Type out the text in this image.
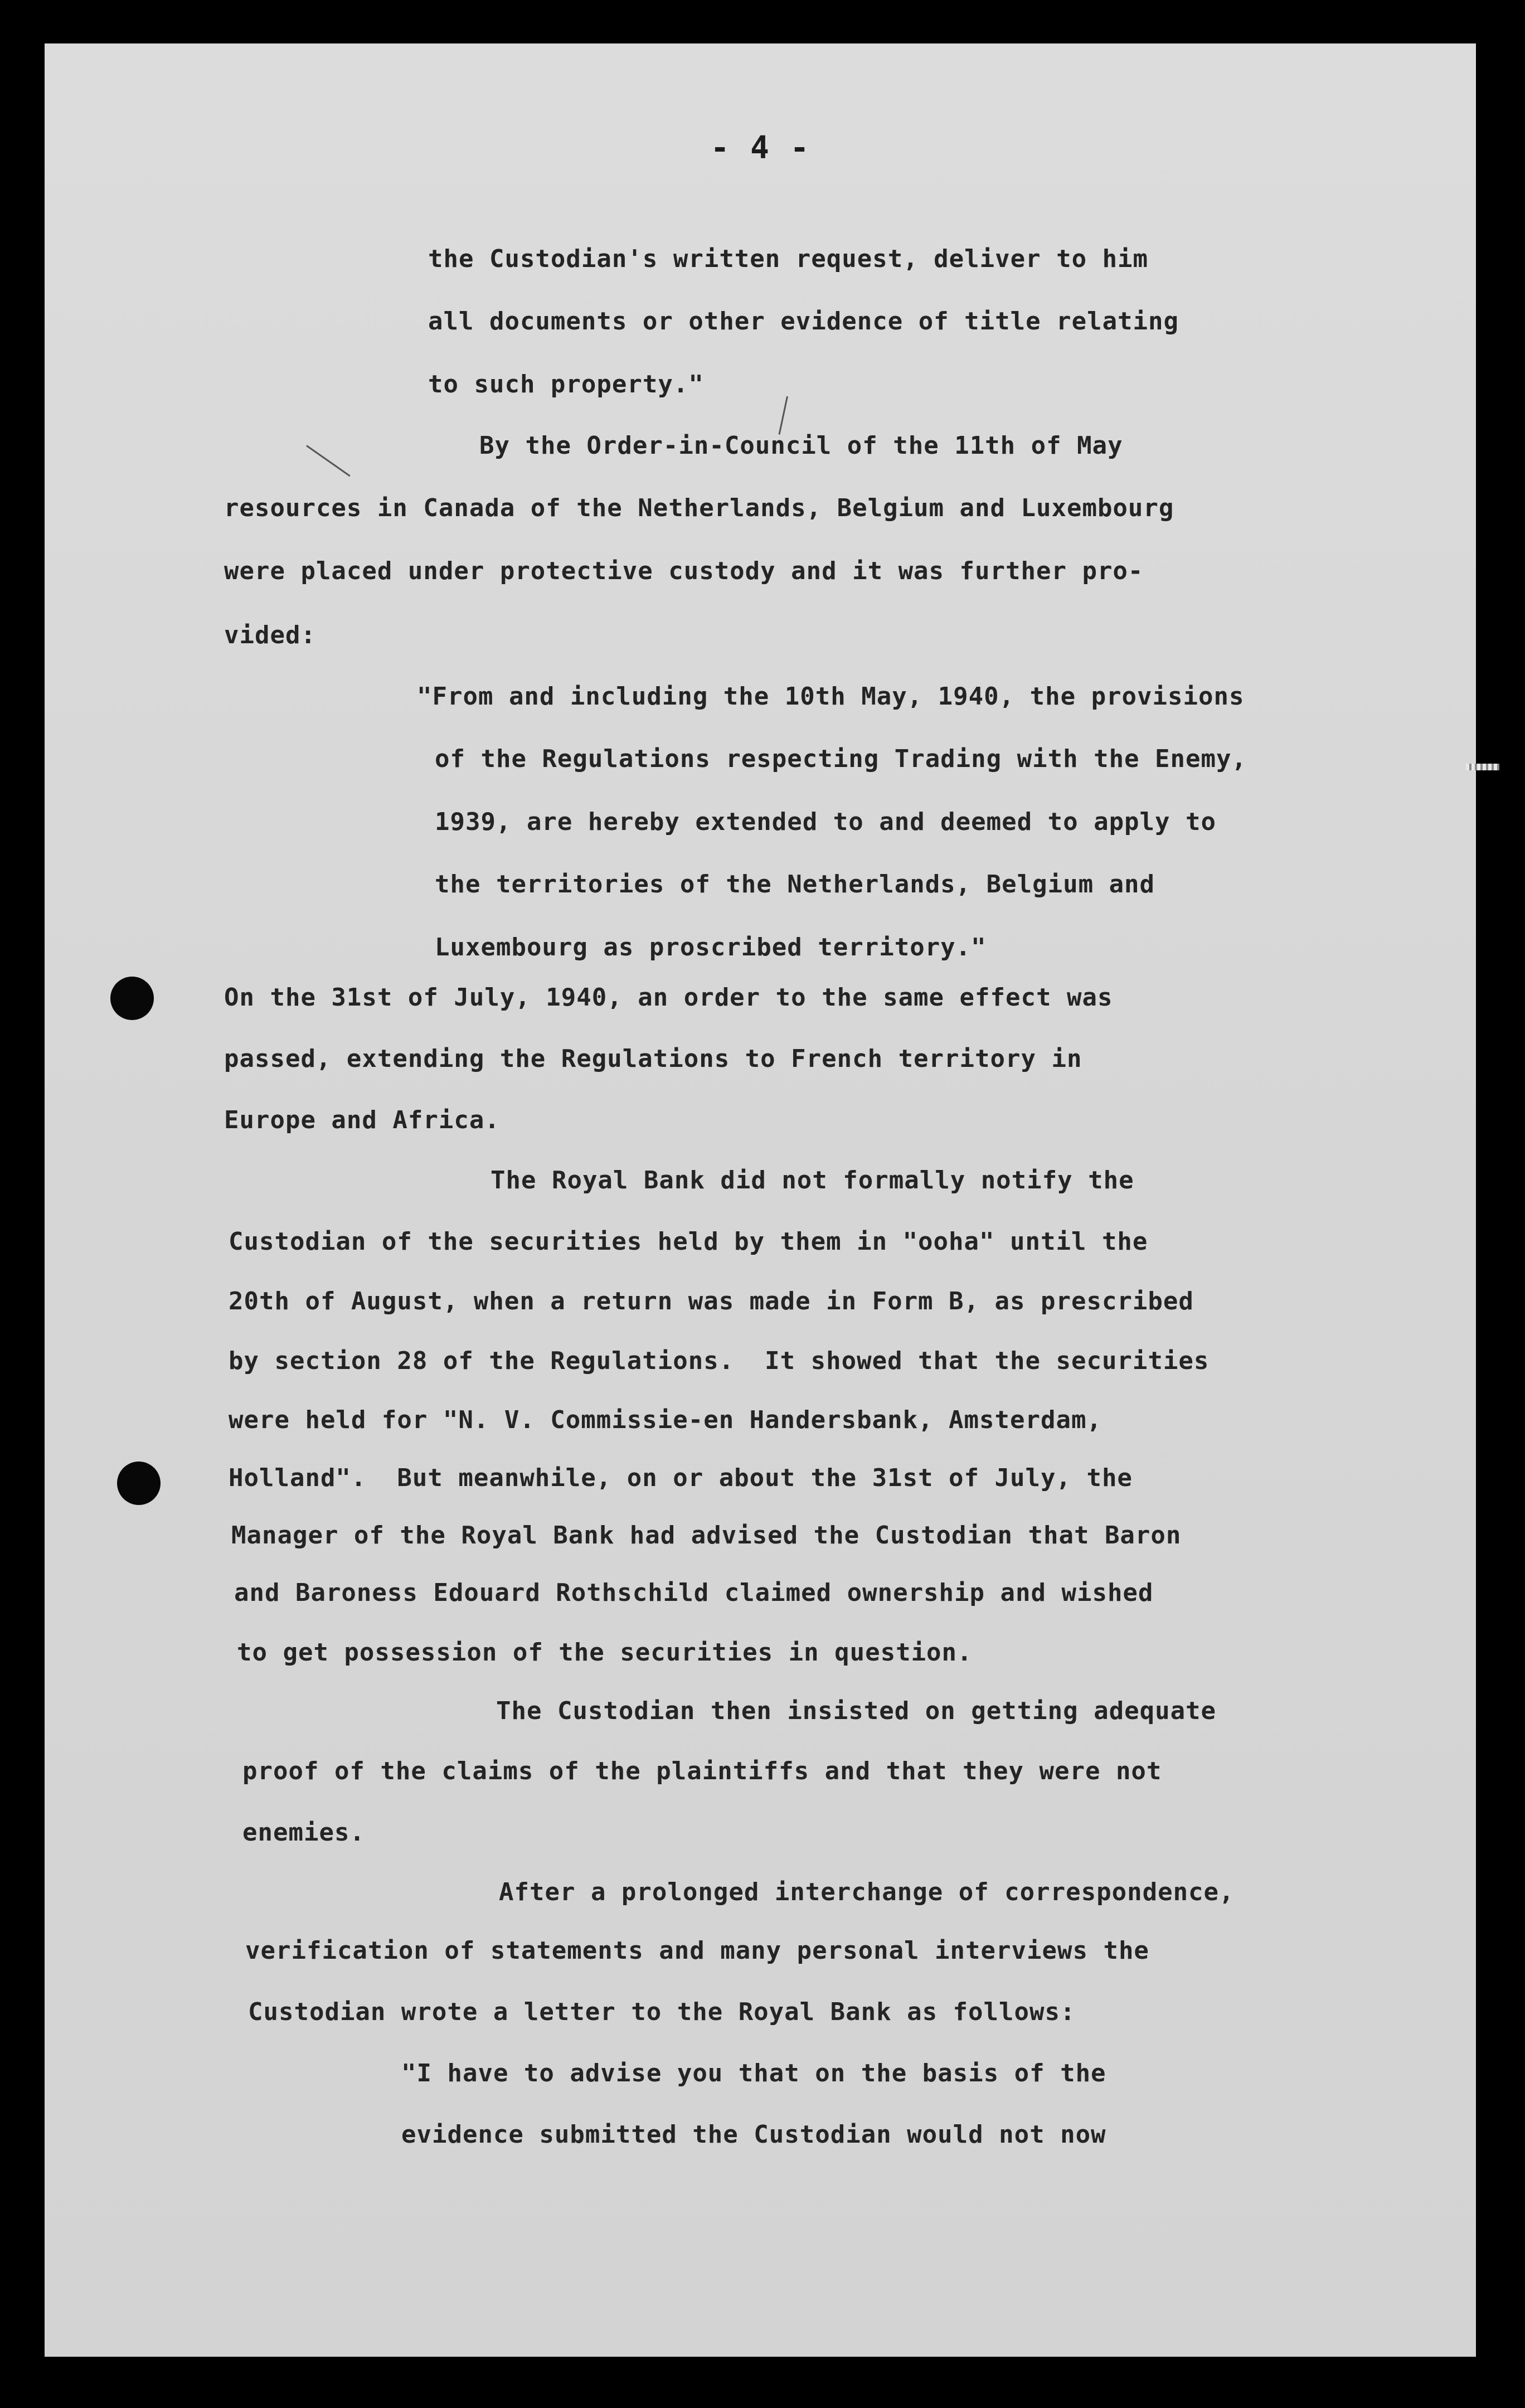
- 4 -
the Custodian's written request, deliver to him
all documents or other evidence of title relating
to such property."
By the Order-in-Council of the 11th of May
resources in Canada of the Netherlands, Belgium and Luxembourg
were placed under protective custody and it was further pro-
vided:
"From and including the 10th May, 1940, the provisions
of the Regulations respecting Trading with the Enemy,
1939, are hereby extended to and deemed to apply to
the territories of the Netherlands, Belgium and
Luxembourg as proscribed territory."
On the 31st of July, 1940, an order to the same effect was
passed, extending the Regulations to French territory in
Europe and Africa.
The Royal Bank did not formally notify the
Custodian of the securities held by them in "ooha" until the
20th of August, when a return was made in Form B, as prescribed
by section 28 of the Regulations.  It showed that the securities
were held for "N. V. Commissie-en Handersbank, Amsterdam,
Holland".  But meanwhile, on or about the 31st of July, the
Manager of the Royal Bank had advised the Custodian that Baron
and Baroness Edouard Rothschild claimed ownership and wished
to get possession of the securities in question.
The Custodian then insisted on getting adequate
proof of the claims of the plaintiffs and that they were not
enemies.
After a prolonged interchange of correspondence,
verification of statements and many personal interviews the
Custodian wrote a letter to the Royal Bank as follows:
"I have to advise you that on the basis of the
evidence submitted the Custodian would not now
